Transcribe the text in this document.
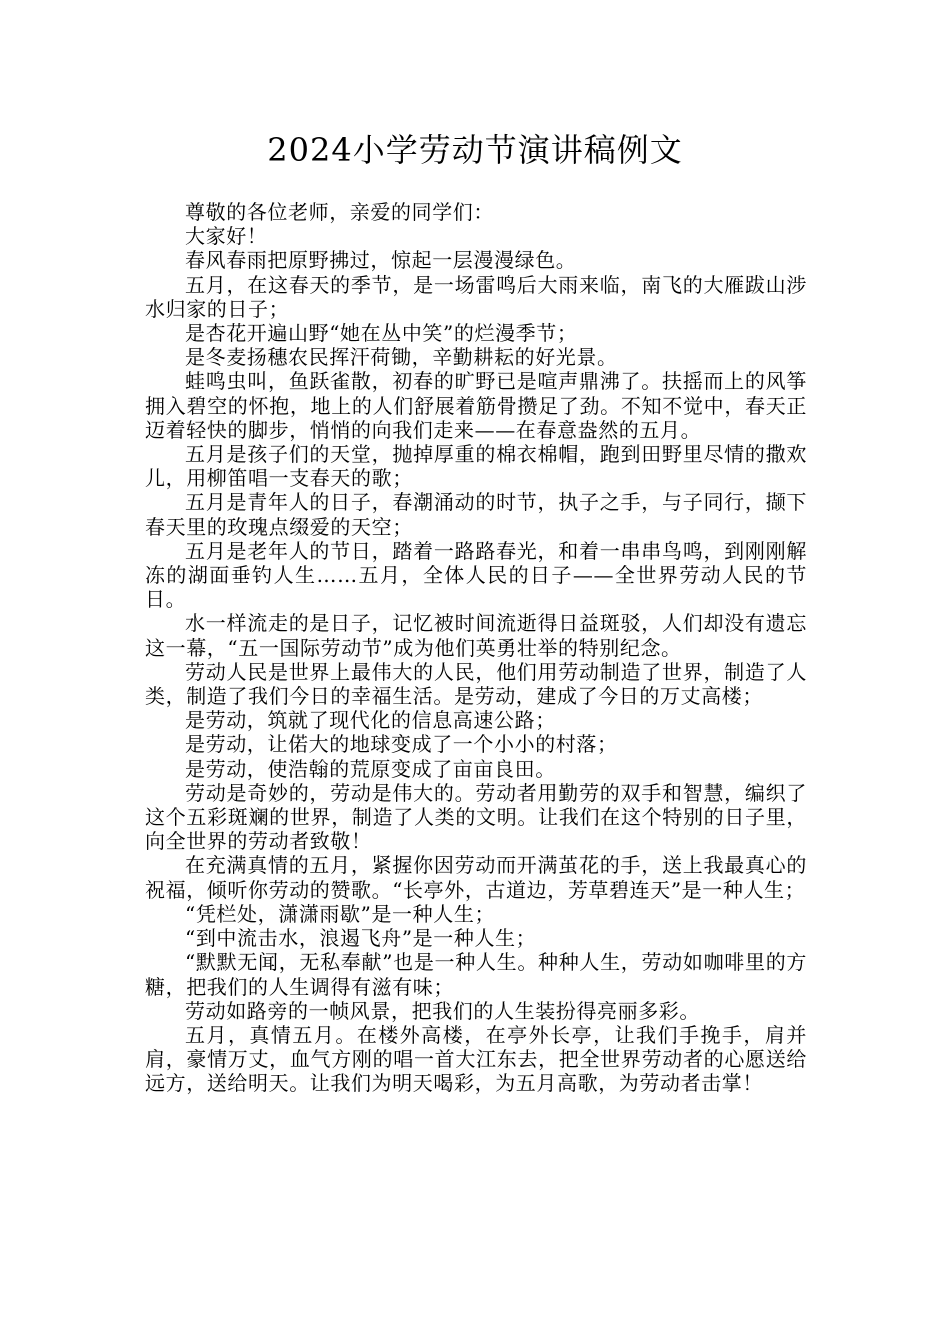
2024小学劳动节演讲稿例文

尊敬的各位老师，亲爱的同学们：

大家好！

春风春雨把原野拂过，惊起一层漫漫绿色。

五月，在这春天的季节，是一场雷鸣后大雨来临，南飞的大雁跋山涉水归家的日子；

是杏花开遍山野“她在丛中笑”的烂漫季节；

是冬麦扬穗农民挥汗荷锄，辛勤耕耘的好光景。

蛙鸣虫叫，鱼跃雀散，初春的旷野已是喧声鼎沸了。扶摇而上的风筝拥入碧空的怀抱，地上的人们舒展着筋骨攒足了劲。不知不觉中，春天正迈着轻快的脚步，悄悄的向我们走来——在春意盎然的五月。

五月是孩子们的天堂，抛掉厚重的棉衣棉帽，跑到田野里尽情的撒欢儿，用柳笛唱一支春天的歌；

五月是青年人的日子，春潮涌动的时节，执子之手，与子同行，撷下春天里的玫瑰点缀爱的天空；

五月是老年人的节日，踏着一路路春光，和着一串串鸟鸣，到刚刚解冻的湖面垂钓人生……五月，全体人民的日子——全世界劳动人民的节日。

水一样流走的是日子，记忆被时间流逝得日益斑驳，人们却没有遗忘这一幕，“五一国际劳动节”成为他们英勇壮举的特别纪念。

劳动人民是世界上最伟大的人民，他们用劳动制造了世界，制造了人类，制造了我们今日的幸福生活。是劳动，建成了今日的万丈高楼；

是劳动，筑就了现代化的信息高速公路；

是劳动，让偌大的地球变成了一个小小的村落；

是劳动，使浩翰的荒原变成了亩亩良田。

劳动是奇妙的，劳动是伟大的。劳动者用勤劳的双手和智慧，编织了这个五彩斑斓的世界，制造了人类的文明。让我们在这个特别的日子里，向全世界的劳动者致敬！

在充满真情的五月，紧握你因劳动而开满茧花的手，送上我最真心的祝福，倾听你劳动的赞歌。“长亭外，古道边，芳草碧连天”是一种人生；

“凭栏处，潇潇雨歇”是一种人生；

“到中流击水，浪遏飞舟”是一种人生；

“默默无闻，无私奉献”也是一种人生。种种人生，劳动如咖啡里的方糖，把我们的人生调得有滋有味；

劳动如路旁的一帧风景，把我们的人生装扮得亮丽多彩。

五月，真情五月。在楼外高楼，在亭外长亭，让我们手挽手，肩并肩，豪情万丈，血气方刚的唱一首大江东去，把全世界劳动者的心愿送给远方，送给明天。让我们为明天喝彩，为五月高歌，为劳动者击掌！
